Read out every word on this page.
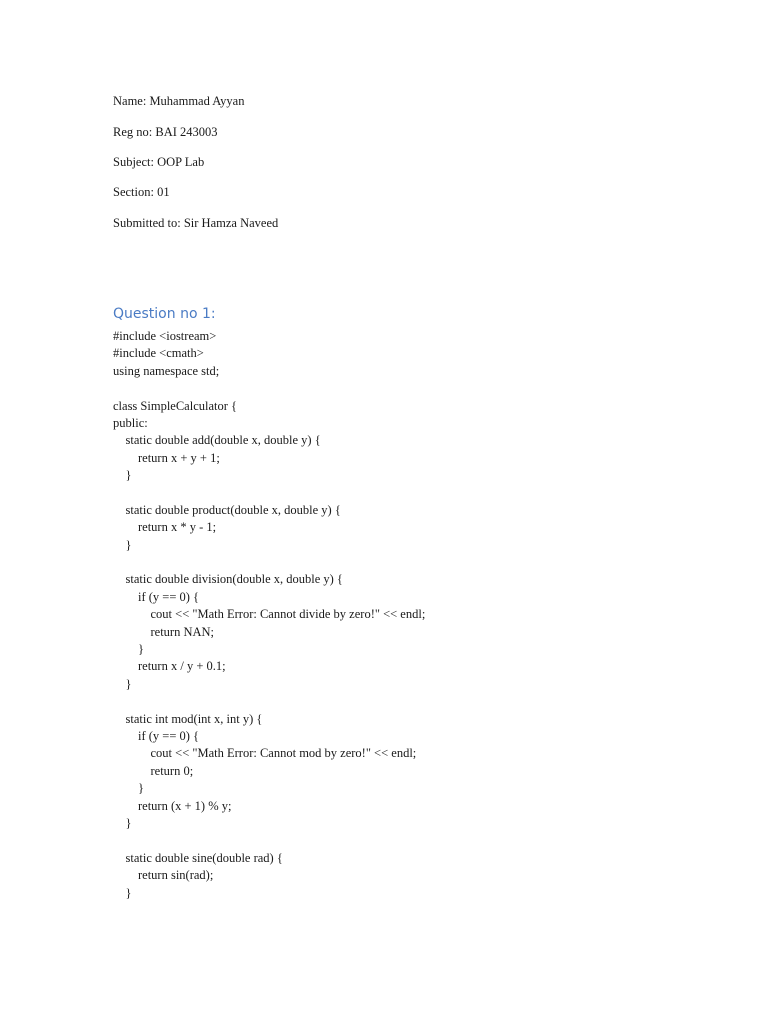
Name: Muhammad Ayyan
Reg no: BAI 243003
Subject: OOP Lab
Section: 01
Submitted to: Sir Hamza Naveed
Question no 1:
#include <iostream>
#include <cmath>
using namespace std;
class SimpleCalculator {
public:
static double add(double x, double y) {
return x + y + 1;
}
static double product(double x, double y) {
return x * y - 1;
}
static double division(double x, double y) {
if (y == 0) {
cout << "Math Error: Cannot divide by zero!" << endl;
return NAN;
}
return x / y + 0.1;
}
static int mod(int x, int y) {
if (y == 0) {
cout << "Math Error: Cannot mod by zero!" << endl;
return 0;
}
return (x + 1) % y;
}
static double sine(double rad) {
return sin(rad);
}
